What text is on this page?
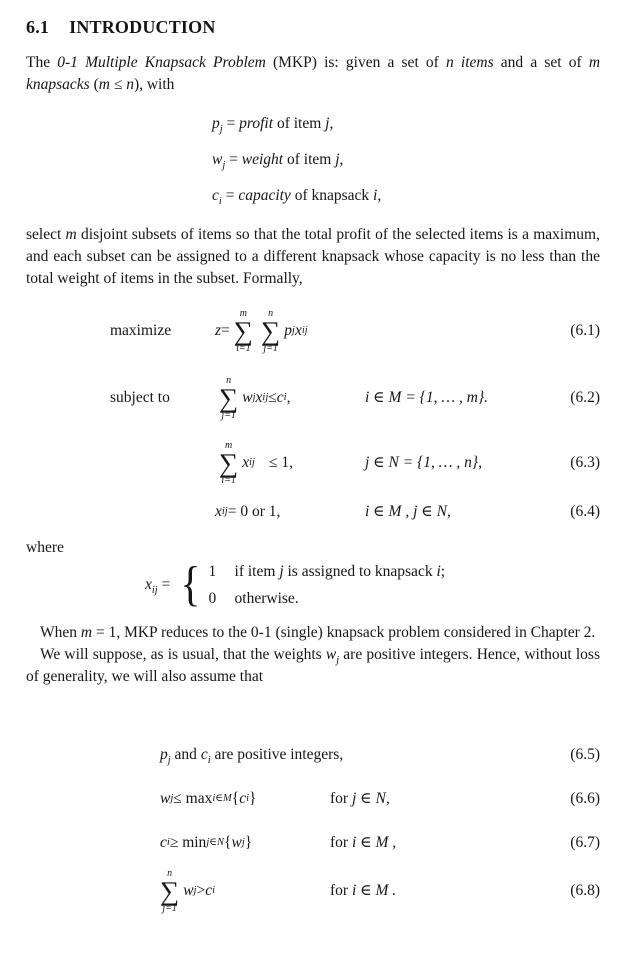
6.1 INTRODUCTION

The 0-1 Multiple Knapsack Problem (MKP) is: given a set of n items and a set of m knapsacks (m ≤ n), with

$p_j$ = profit of item j,
$w_j$ = weight of item j,
$c_i$ = capacity of knapsack i,

select m disjoint subsets of items so that the total profit of the selected items is a maximum, and each subset can be assigned to a different knapsack whose capacity is no less than the total weight of items in the subset. Formally,

maximize	z =
m
∑
i=1
n
∑
j=1
p j x ij	(6.1)
subject to
n
∑
j=1
w j x ij ≤ c i ,	i ∈ M = {1, … , m}.	(6.2)
m
∑
i=1
x ij ≤ 1,	j ∈ N = {1, … , n},	(6.3)
x ij = 0 or 1,	i ∈ M , j ∈ N,	(6.4)

where

$x_{ij}$ = { 1	if item j is assigned to knapsack i;
0	otherwise.

When m = 1, MKP reduces to the 0-1 (single) knapsack problem considered in Chapter 2.

We will suppose, as is usual, that the weights $w_j$ are positive integers. Hence, without loss of generality, we will also assume that

$p_j$ and $c_i$ are positive integers,	(6.5)
w j ≤ max i∈M { c i }	for j ∈ N,	(6.6)
c i ≥ min j∈N { w j }	for i ∈ M ,	(6.7)
n
∑
j=1
w j > c i	for i ∈ M .	(6.8)
